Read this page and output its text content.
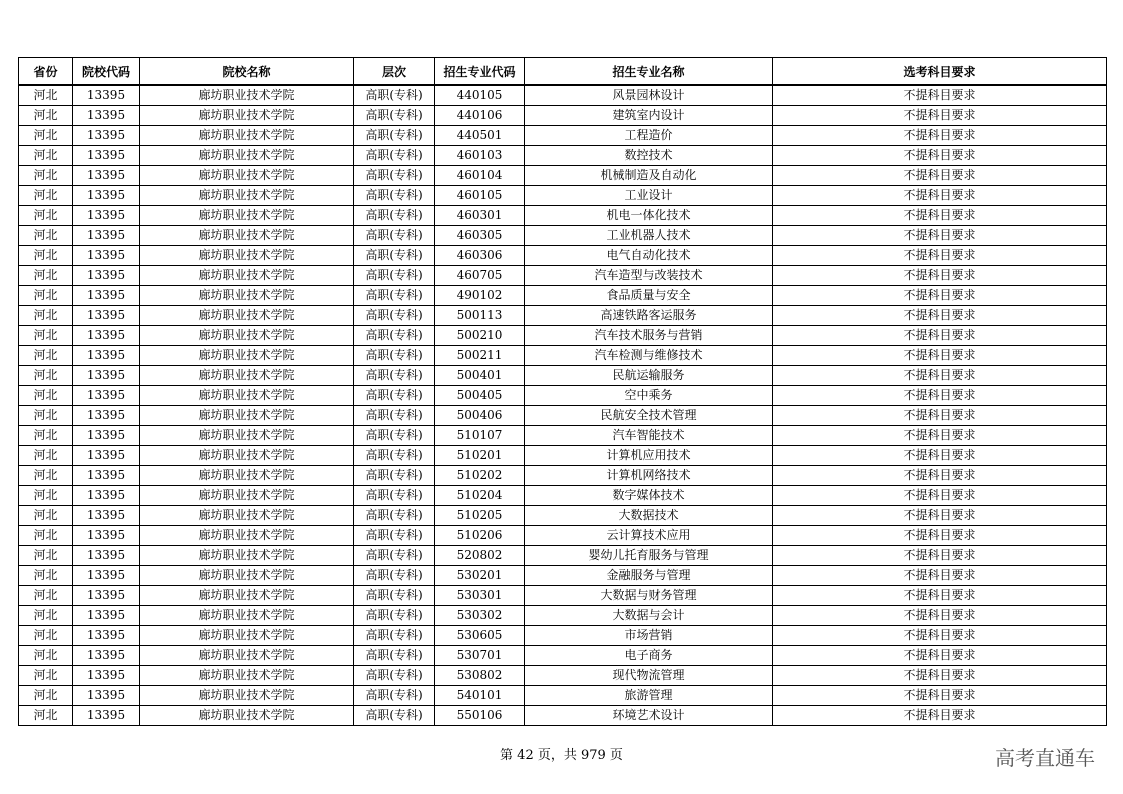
省份	院校代码	院校名称	层次	招生专业代码	招生专业名称	选考科目要求
河北	13395	廊坊职业技术学院	高职(专科)	440105	风景园林设计	不提科目要求
河北	13395	廊坊职业技术学院	高职(专科)	440106	建筑室内设计	不提科目要求
河北	13395	廊坊职业技术学院	高职(专科)	440501	工程造价	不提科目要求
河北	13395	廊坊职业技术学院	高职(专科)	460103	数控技术	不提科目要求
河北	13395	廊坊职业技术学院	高职(专科)	460104	机械制造及自动化	不提科目要求
河北	13395	廊坊职业技术学院	高职(专科)	460105	工业设计	不提科目要求
河北	13395	廊坊职业技术学院	高职(专科)	460301	机电一体化技术	不提科目要求
河北	13395	廊坊职业技术学院	高职(专科)	460305	工业机器人技术	不提科目要求
河北	13395	廊坊职业技术学院	高职(专科)	460306	电气自动化技术	不提科目要求
河北	13395	廊坊职业技术学院	高职(专科)	460705	汽车造型与改装技术	不提科目要求
河北	13395	廊坊职业技术学院	高职(专科)	490102	食品质量与安全	不提科目要求
河北	13395	廊坊职业技术学院	高职(专科)	500113	高速铁路客运服务	不提科目要求
河北	13395	廊坊职业技术学院	高职(专科)	500210	汽车技术服务与营销	不提科目要求
河北	13395	廊坊职业技术学院	高职(专科)	500211	汽车检测与维修技术	不提科目要求
河北	13395	廊坊职业技术学院	高职(专科)	500401	民航运输服务	不提科目要求
河北	13395	廊坊职业技术学院	高职(专科)	500405	空中乘务	不提科目要求
河北	13395	廊坊职业技术学院	高职(专科)	500406	民航安全技术管理	不提科目要求
河北	13395	廊坊职业技术学院	高职(专科)	510107	汽车智能技术	不提科目要求
河北	13395	廊坊职业技术学院	高职(专科)	510201	计算机应用技术	不提科目要求
河北	13395	廊坊职业技术学院	高职(专科)	510202	计算机网络技术	不提科目要求
河北	13395	廊坊职业技术学院	高职(专科)	510204	数字媒体技术	不提科目要求
河北	13395	廊坊职业技术学院	高职(专科)	510205	大数据技术	不提科目要求
河北	13395	廊坊职业技术学院	高职(专科)	510206	云计算技术应用	不提科目要求
河北	13395	廊坊职业技术学院	高职(专科)	520802	婴幼儿托育服务与管理	不提科目要求
河北	13395	廊坊职业技术学院	高职(专科)	530201	金融服务与管理	不提科目要求
河北	13395	廊坊职业技术学院	高职(专科)	530301	大数据与财务管理	不提科目要求
河北	13395	廊坊职业技术学院	高职(专科)	530302	大数据与会计	不提科目要求
河北	13395	廊坊职业技术学院	高职(专科)	530605	市场营销	不提科目要求
河北	13395	廊坊职业技术学院	高职(专科)	530701	电子商务	不提科目要求
河北	13395	廊坊职业技术学院	高职(专科)	530802	现代物流管理	不提科目要求
河北	13395	廊坊职业技术学院	高职(专科)	540101	旅游管理	不提科目要求
河北	13395	廊坊职业技术学院	高职(专科)	550106	环境艺术设计	不提科目要求
第 42 页，共 979 页	高考直通车
